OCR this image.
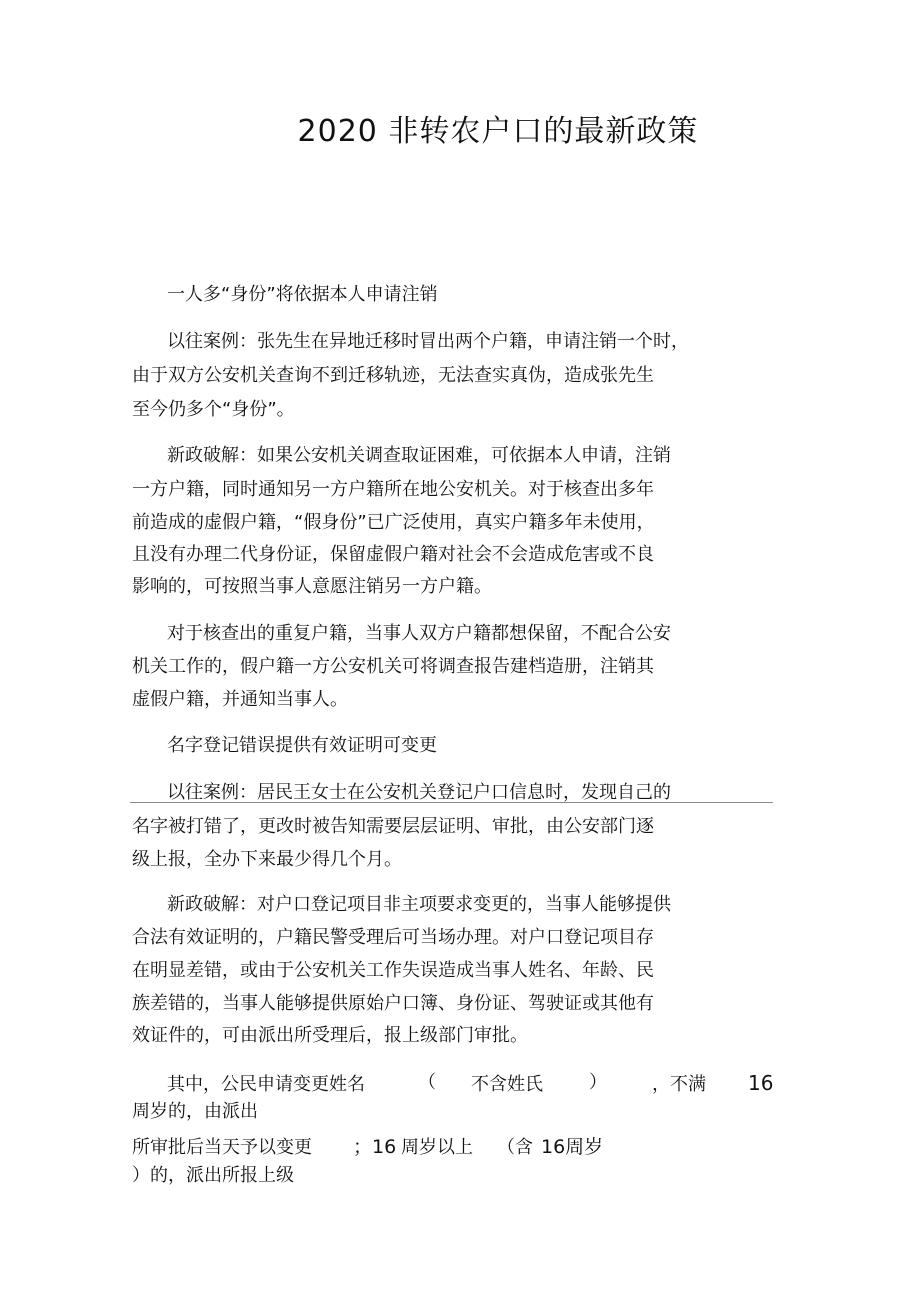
2020 非转农户口的最新政策
一人多“身份”将依据本人申请注销
以往案例：张先生在异地迁移时冒出两个户籍，申请注销一个时，
由于双方公安机关查询不到迁移轨迹，无法查实真伪，造成张先生
至今仍多个“身份”。
新政破解：如果公安机关调查取证困难，可依据本人申请，注销
一方户籍，同时通知另一方户籍所在地公安机关。对于核查出多年
前造成的虚假户籍，“假身份”已广泛使用，真实户籍多年未使用，
且没有办理二代身份证，保留虚假户籍对社会不会造成危害或不良
影响的，可按照当事人意愿注销另一方户籍。
对于核查出的重复户籍，当事人双方户籍都想保留，不配合公安
机关工作的，假户籍一方公安机关可将调查报告建档造册，注销其
虚假户籍，并通知当事人。
名字登记错误提供有效证明可变更
以往案例：居民王女士在公安机关登记户口信息时，发现自己的
名字被打错了，更改时被告知需要层层证明、审批，由公安部门逐
级上报，全办下来最少得几个月。
新政破解：对户口登记项目非主项要求变更的，当事人能够提供
合法有效证明的，户籍民警受理后可当场办理。对户口登记项目存
在明显差错，或由于公安机关工作失误造成当事人姓名、年龄、民
族差错的，当事人能够提供原始户口簿、身份证、驾驶证或其他有
效证件的，可由派出所受理后，报上级部门审批。
其中，公民申请变更姓名	（ 不含姓氏	）	，不满 16
周岁的，由派出
所审批后当天予以变更 ；16 周岁以上 （含 16周岁
）的，派出所报上级
